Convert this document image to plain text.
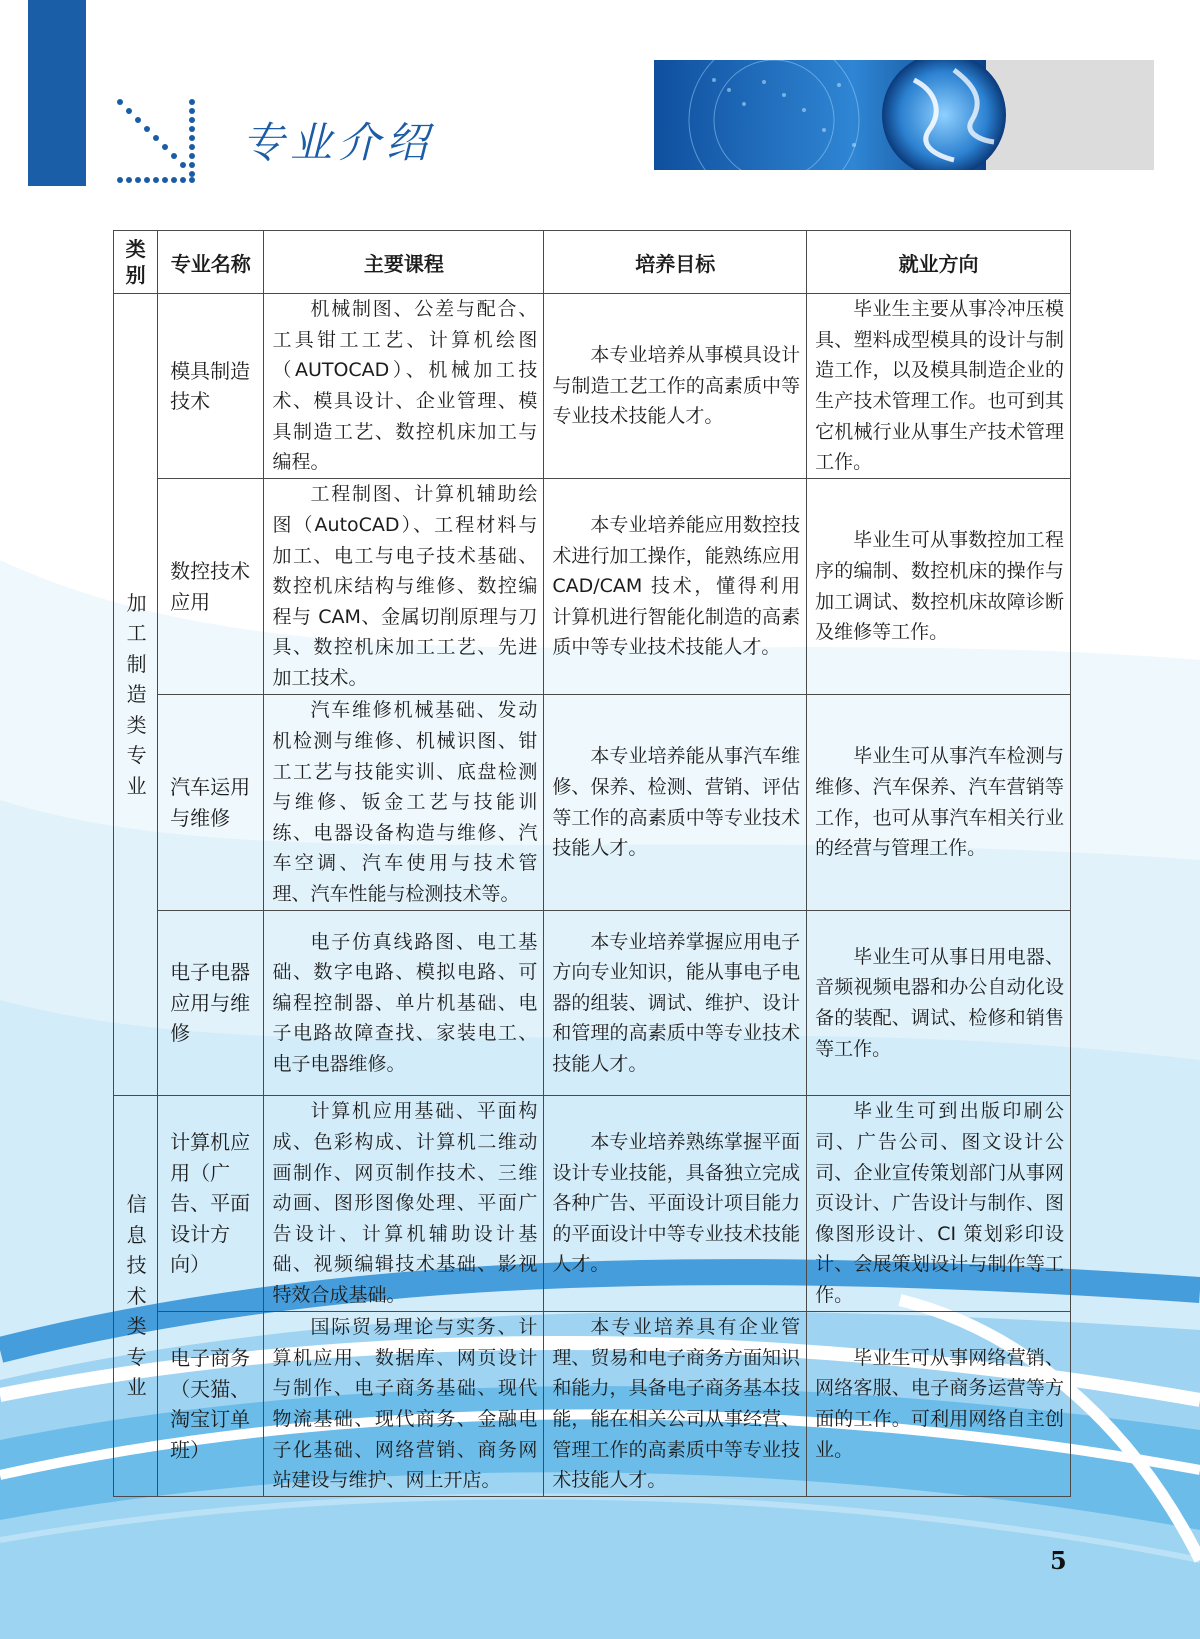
专业介绍
类别	专业名称	主要课程	培养目标	就业方向

加工制造类专业	模具制造技术	机械制图、公差与配合、工具钳工工艺、计算机绘图（AUTOCAD）、机械加工技术、模具设计、企业管理、模具制造工艺、数控机床加工与编程。	本专业培养从事模具设计与制造工艺工作的高素质中等专业技术技能人才。	毕业生主要从事冷冲压模具、塑料成型模具的设计与制造工作，以及模具制造企业的生产技术管理工作。也可到其它机械行业从事生产技术管理工作。
	数控技术应用	工程制图、计算机辅助绘图（AutoCAD）、工程材料与加工、电工与电子技术基础、数控机床结构与维修、数控编程与 CAM、金属切削原理与刀具、数控机床加工工艺、先进加工技术。	本专业培养能应用数控技术进行加工操作，能熟练应用 CAD/CAM 技术，懂得利用计算机进行智能化制造的高素质中等专业技术技能人才。	毕业生可从事数控加工程序的编制、数控机床的操作与加工调试、数控机床故障诊断及维修等工作。
	汽车运用与维修	汽车维修机械基础、发动机检测与维修、机械识图、钳工工艺与技能实训、底盘检测与维修、钣金工艺与技能训练、电器设备构造与维修、汽车空调、汽车使用与技术管理、汽车性能与检测技术等。	本专业培养能从事汽车维修、保养、检测、营销、评估等工作的高素质中等专业技术技能人才。	毕业生可从事汽车检测与维修、汽车保养、汽车营销等工作，也可从事汽车相关行业的经营与管理工作。
	电子电器应用与维修	电子仿真线路图、电工基础、数字电路、模拟电路、可编程控制器、单片机基础、电子电路故障查找、家装电工、电子电器维修。	本专业培养掌握应用电子方向专业知识，能从事电子电器的组装、调试、维护、设计和管理的高素质中等专业技术技能人才。	毕业生可从事日用电器、音频视频电器和办公自动化设备的装配、调试、检修和销售等工作。

信息技术类专业	计算机应用（广告、平面设计方向）	计算机应用基础、平面构成、色彩构成、计算机二维动画制作、网页制作技术、三维动画、图形图像处理、平面广告设计、计算机辅助设计基础、视频编辑技术基础、影视特效合成基础。	本专业培养熟练掌握平面设计专业技能，具备独立完成各种广告、平面设计项目能力的平面设计中等专业技术技能人才。	毕业生可到出版印刷公司、广告公司、图文设计公司、企业宣传策划部门从事网页设计、广告设计与制作、图像图形设计、CI 策划彩印设计、会展策划设计与制作等工作。
	电子商务（天猫、淘宝订单班）	国际贸易理论与实务、计算机应用、数据库、网页设计与制作、电子商务基础、现代物流基础、现代商务、金融电子化基础、网络营销、商务网站建设与维护、网上开店。	本专业培养具有企业管理、贸易和电子商务方面知识和能力，具备电子商务基本技能，能在相关公司从事经营、管理工作的高素质中等专业技术技能人才。	毕业生可从事网络营销、网络客服、电子商务运营等方面的工作。可利用网络自主创业。
5
